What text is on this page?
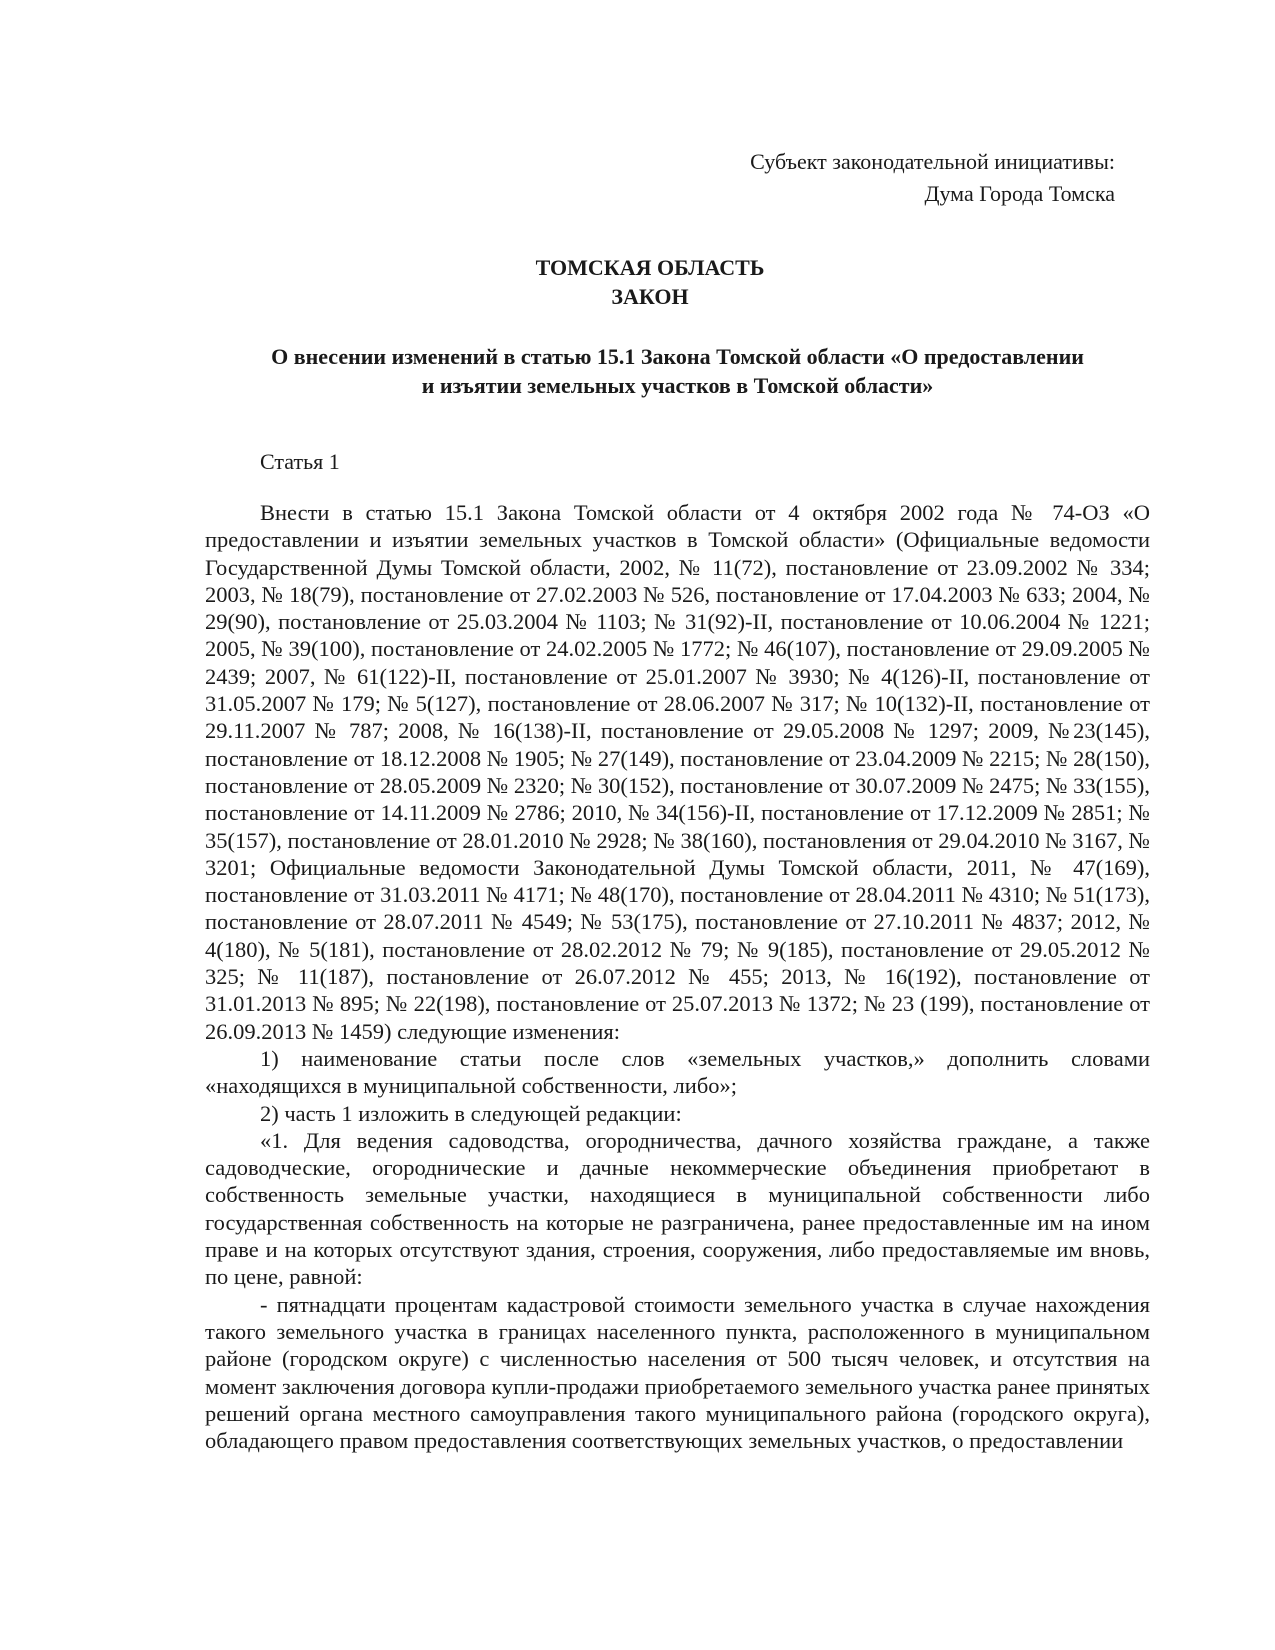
Субъект законодательной инициативы:
Дума Города Томска
ТОМСКАЯ ОБЛАСТЬ
ЗАКОН
О внесении изменений в статью 15.1 Закона Томской области «О предоставлении
и изъятии земельных участков в Томской области»
Статья 1

Внести в статью 15.1 Закона Томской области от 4 октября 2002 года № 74-ОЗ «О предоставлении и изъятии земельных участков в Томской области» (Официальные ведомости Государственной Думы Томской области, 2002, № 11(72), постановление от 23.09.2002 № 334; 2003, № 18(79), постановление от 27.02.2003 № 526, постановление от 17.04.2003 № 633; 2004, № 29(90), постановление от 25.03.2004 № 1103; № 31(92)-II, постановление от 10.06.2004 № 1221; 2005, № 39(100), постановление от 24.02.2005 № 1772; № 46(107), постановление от 29.09.2005 № 2439; 2007, № 61(122)-II, постановление от 25.01.2007 № 3930; № 4(126)-II, постановление от 31.05.2007 № 179; № 5(127), постановление от 28.06.2007 № 317; № 10(132)-II, постановление от 29.11.2007 № 787; 2008, № 16(138)-II, постановление от 29.05.2008 № 1297; 2009, №23(145), постановление от 18.12.2008 № 1905; № 27(149), постановление от 23.04.2009 № 2215; № 28(150), постановление от 28.05.2009 № 2320; № 30(152), постановление от 30.07.2009 № 2475; № 33(155), постановление от 14.11.2009 № 2786; 2010, № 34(156)-II, постановление от 17.12.2009 № 2851; № 35(157), постановление от 28.01.2010 № 2928; № 38(160), постановления от 29.04.2010 № 3167, № 3201; Официальные ведомости Законодательной Думы Томской области, 2011, № 47(169), постановление от 31.03.2011 № 4171; № 48(170), постановление от 28.04.2011 № 4310; № 51(173), постановление от 28.07.2011 № 4549; № 53(175), постановление от 27.10.2011 № 4837; 2012, № 4(180), № 5(181), постановление от 28.02.2012 № 79; № 9(185), постановление от 29.05.2012 № 325; № 11(187), постановление от 26.07.2012 № 455; 2013, № 16(192), постановление от 31.01.2013 № 895; № 22(198), постановление от 25.07.2013 № 1372; № 23 (199), постановление от 26.09.2013 № 1459) следующие изменения:

1) наименование статьи после слов «земельных участков,» дополнить словами «находящихся в муниципальной собственности, либо»;

2) часть 1 изложить в следующей редакции:

«1. Для ведения садоводства, огородничества, дачного хозяйства граждане, а также садоводческие, огороднические и дачные некоммерческие объединения приобретают в собственность земельные участки, находящиеся в муниципальной собственности либо государственная собственность на которые не разграничена, ранее предоставленные им на ином праве и на которых отсутствуют здания, строения, сооружения, либо предоставляемые им вновь, по цене, равной:

- пятнадцати процентам кадастровой стоимости земельного участка в случае нахождения такого земельного участка в границах населенного пункта, расположенного в муниципальном районе (городском округе) с численностью населения от 500 тысяч человек, и отсутствия на момент заключения договора купли-продажи приобретаемого земельного участка ранее принятых решений органа местного самоуправления такого муниципального района (городского округа), обладающего правом предоставления соответствующих земельных участков, о предоставлении
